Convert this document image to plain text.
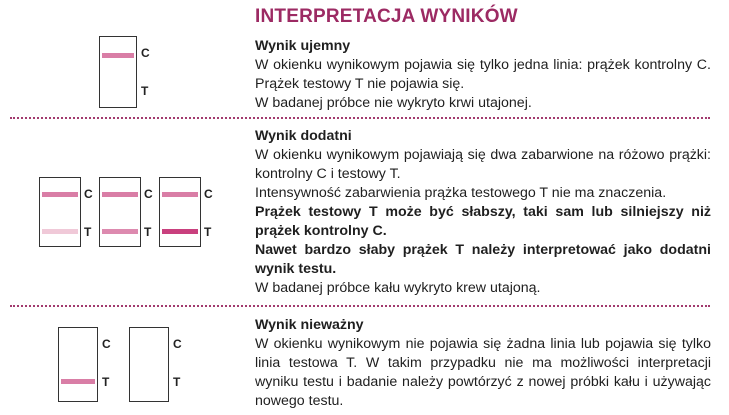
INTERPRETACJA WYNIKÓW
C
T
Wynik ujemny
W okienku wynikowym pojawia się tylko jedna linia: prążek kontrolny C. Prążek testowy T nie pojawia się.
W badanej próbce nie wykryto krwi utajonej.
C
T
C
T
C
T
Wynik dodatni
W okienku wynikowym pojawiają się dwa zabarwione na różowo prążki: kontrolny C i testowy T.
Intensywność zabarwienia prążka testowego T nie ma znaczenia.
Prążek testowy T może być słabszy, taki sam lub silniejszy niż prążek kontrolny C.
Nawet bardzo słaby prążek T należy interpretować jako dodatni wynik testu.
W badanej próbce kału wykryto krew utajoną.
C
T
C
T
Wynik nieważny
W okienku wynikowym nie pojawia się żadna linia lub pojawia się tylko linia testowa T. W takim przypadku nie ma możliwości interpretacji wyniku testu i badanie należy powtórzyć z nowej próbki kału i używając nowego testu.
